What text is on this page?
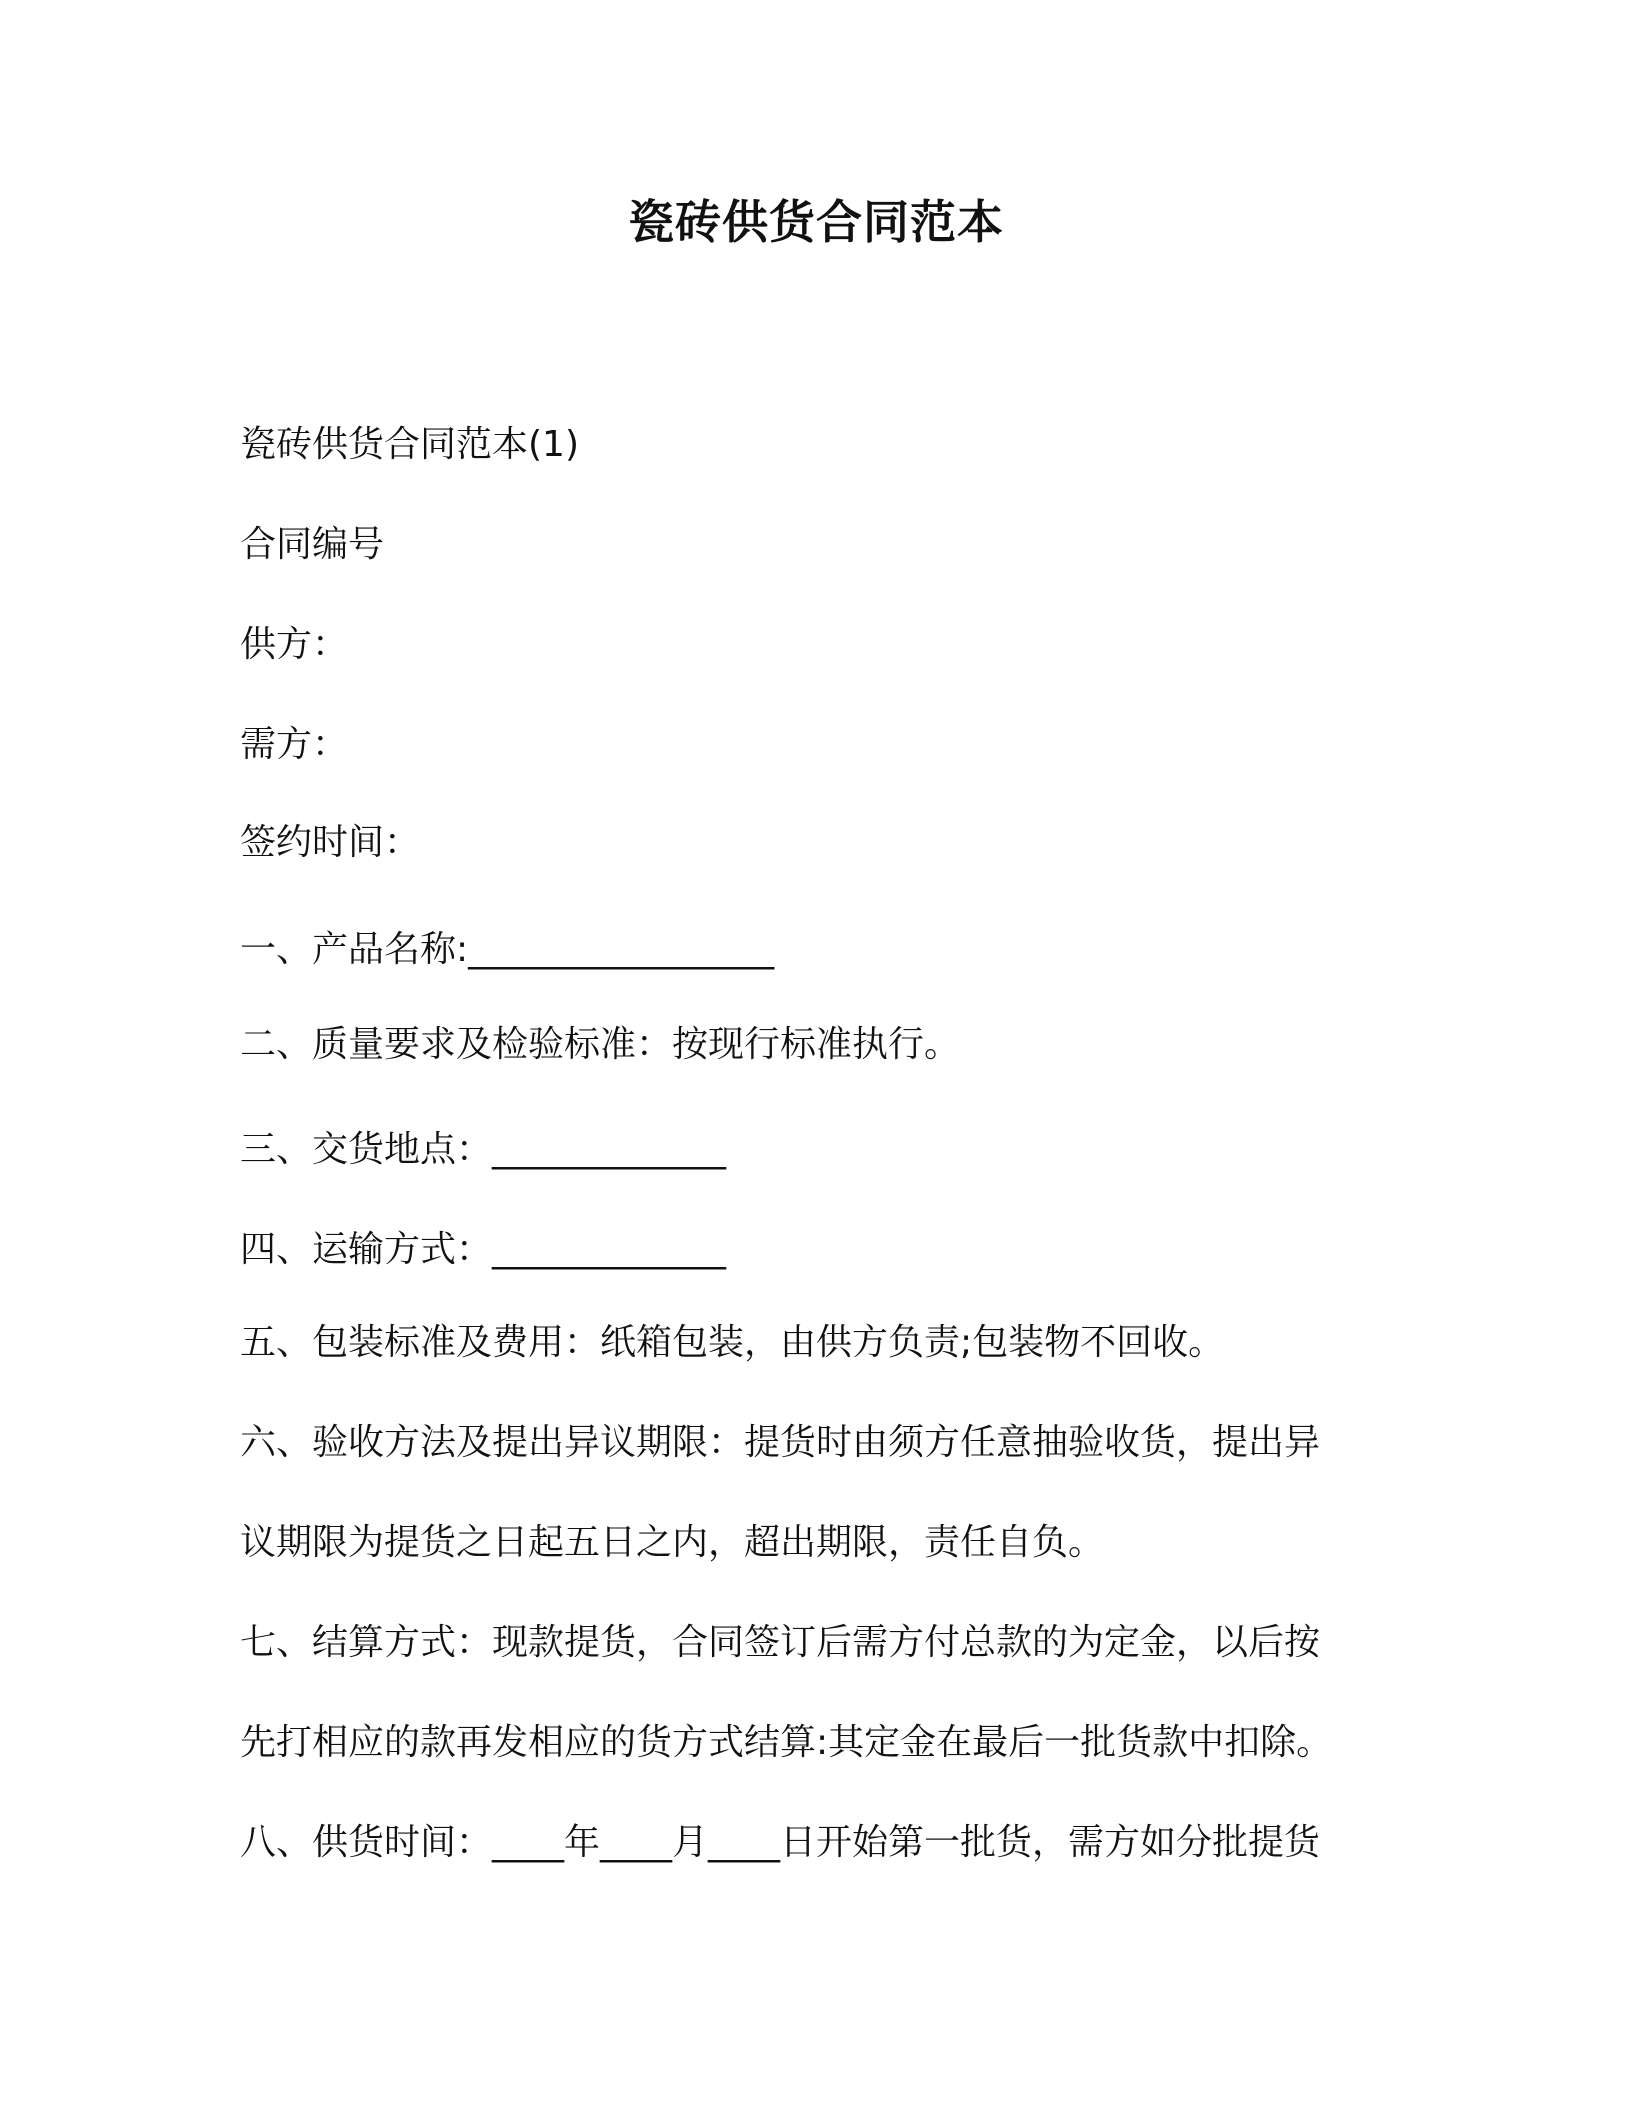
瓷砖供货合同范本
瓷砖供货合同范本(1)
合同编号
供方：
需方：
签约时间：
一、产品名称:_________________
二、质量要求及检验标准：按现行标准执行。
三、交货地点：_____________
四、运输方式：_____________
五、包装标准及费用：纸箱包装，由供方负责;包装物不回收。
六、验收方法及提出异议期限：提货时由须方任意抽验收货，提出异
议期限为提货之日起五日之内，超出期限，责任自负。
七、结算方式：现款提货，合同签订后需方付总款的为定金，以后按
先打相应的款再发相应的货方式结算:其定金在最后一批货款中扣除。
八、供货时间：____年____月____日开始第一批货，需方如分批提货
